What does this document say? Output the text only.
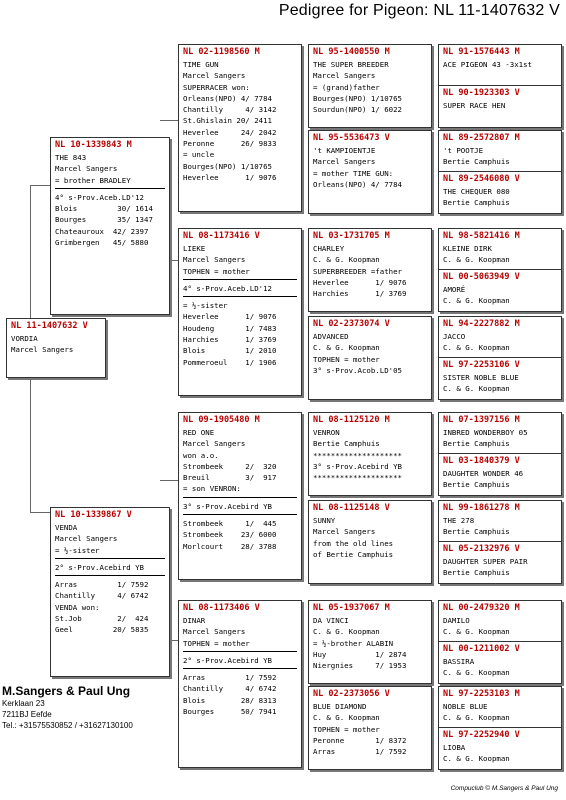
Pedigree for Pigeon: NL 11-1407632 V
NL 11-1407632 V
VORDIA
Marcel Sangers
NL 10-1339843 M
THE 843
Marcel Sangers
= brother BRADLEY
4° s-Prov.Aceb.LD'12
Blois         30/ 1614
Bourges       35/ 1347
Chateauroux  42/ 2397
Grimbergen   45/ 5880
NL 10-1339867 V
VENDA
Marcel Sangers
= ½-sister
2° s-Prov.Acebird YB
Arras         1/ 7592
Chantilly     4/ 6742
VENDA won:
St.Job        2/  424
Geel         20/ 5835
NL 02-1198560 M
TIME GUN
Marcel Sangers
SUPERRACER won:
Orleans(NPO) 4/ 7784
Chantilly     4/ 3142
St.Ghislain 20/ 2411
Heverlee     24/ 2042
Peronne      26/ 9833
= uncle
Bourges(NPO) 1/10765
Heverlee      1/ 9076
NL 08-1173416 V
LIEKE
Marcel Sangers
TOPHEN = mother
4° s-Prov.Aceb.LD'12
= ½-sister
Heverlee      1/ 9076
Houdeng       1/ 7483
Harchies      1/ 3769
Blois         1/ 2010
Pommeroeul    1/ 1906
NL 09-1905480 M
RED ONE
Marcel Sangers
won a.o.
Strombeek     2/  320
Breuil        3/  917
= son VENRON:
3° s-Prov.Acebird YB
Strombeek     1/  445
Strombeek    23/ 6000
Morlcourt    28/ 3788
NL 08-1173406 V
DINAR
Marcel Sangers
TOPHEN = mother
2° s-Prov.Acebird YB
Arras         1/ 7592
Chantilly     4/ 6742
Blois        28/ 8313
Bourges      50/ 7941
NL 95-1400550 M
THE SUPER BREEDER
Marcel Sangers
= (grand)father
Bourges(NPO) 1/10765
Sourdun(NPO) 1/ 6022
NL 95-5536473 V
't KAMPIOENTJE
Marcel Sangers
= mother TIME GUN:
Orleans(NPO) 4/ 7784
NL 03-1731705 M
CHARLEY
C. & G. Koopman
SUPERBREEDER =father
Heverlee      1/ 9076
Harchies      1/ 3769
NL 02-2373074 V
ADVANCED
C. & G. Koopman
TOPHEN = mother
3° s-Prov.Acob.LD'05
NL 08-1125120 M
VENRON
Bertie Camphuis
********************
3° s-Prov.Acebird YB
********************
NL 08-1125148 V
SUNNY
Marcel Sangers
from the old lines
of Bertie Camphuis
NL 05-1937067 M
DA VINCI
C. & G. Koopman
= ½-brother ALABIN
Huy           1/ 2874
Niergnies     7/ 1953
NL 02-2373056 V
BLUE DIAMOND
C. & G. Koopman
TOPHEN = mother
Peronne       1/ 8372
Arras         1/ 7592
NL 91-1576443 M
ACE PIGEON 43 -3x1st
NL 90-1923303 V
SUPER RACE HEN
NL 89-2572807 M
't POOTJE
Bertie Camphuis
NL 89-2546080 V
THE CHEQUER 080
Bertie Camphuis
NL 98-5821416 M
KLEINE DIRK
C. & G. Koopman
NL 00-5063949 V
AMORÉ
C. & G. Koopman
NL 94-2227882 M
JACCO
C. & G. Koopman
NL 97-2253106 V
SISTER NOBLE BLUE
C. & G. Koopman
NL 07-1397156 M
INBRED WONDERBOY 05
Bertie Camphuis
NL 03-1840379 V
DAUGHTER WONDER 46
Bertie Camphuis
NL 99-1861278 M
THE 278
Bertie Camphuis
NL 05-2132976 V
DAUGHTER SUPER PAIR
Bertie Camphuis
NL 00-2479320 M
DAMILO
C. & G. Koopman
NL 00-1211002 V
BASSIRA
C. & G. Koopman
NL 97-2253103 M
NOBLE BLUE
C. & G. Koopman
NL 97-2252940 V
LIOBA
C. & G. Koopman
M.Sangers & Paul Ung
Kerklaan 23
7211BJ Eefde
Tel.: +31575530852 / +31627130100
Compuclub © M.Sangers & Paul Ung
